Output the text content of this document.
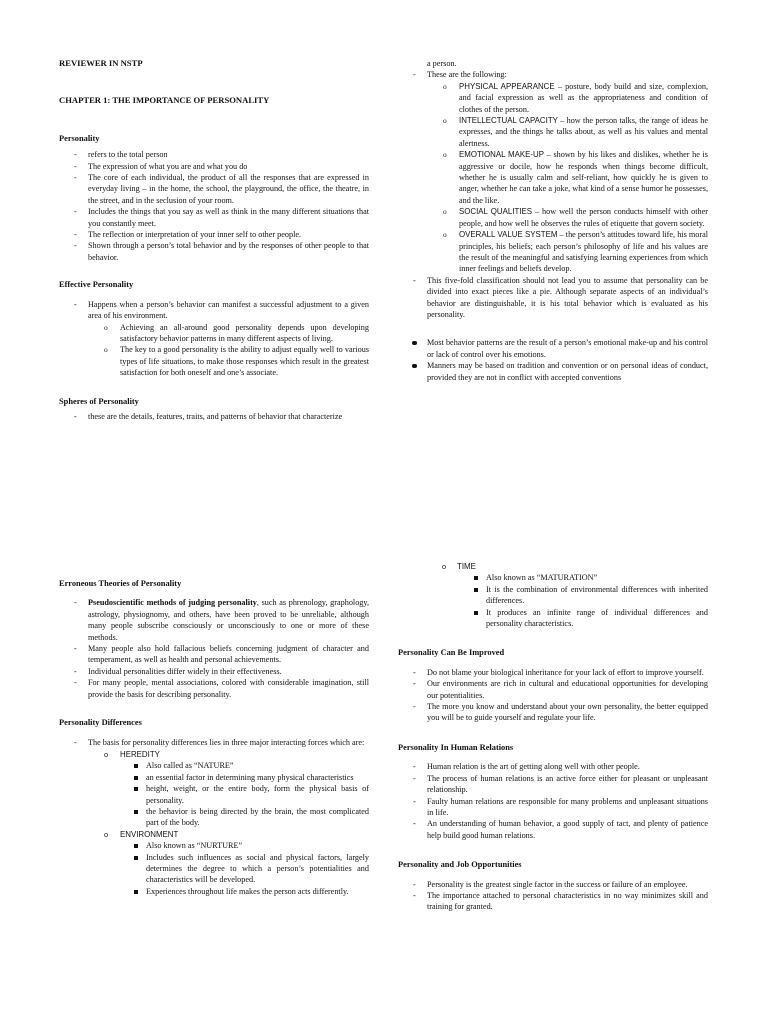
REVIEWER IN NSTP
CHAPTER 1: THE IMPORTANCE OF PERSONALITY
Personality
- refers to the total person
- The expression of what you are and what you do
- The core of each individual, the product of all the responses that are expressed in everyday living – in the home, the school, the playground, the office, the theatre, in the street, and in the seclusion of your room.
- Includes the things that you say as well as think in the many different situations that you constantly meet.
- The reflection or interpretation of your inner self to other people.
- Shown through a person’s total behavior and by the responses of other people to that behavior.
Effective Personality
- Happens when a person’s behavior can manifest a successful adjustment to a given area of his environment.
o Achieving an all-around good personality depends upon developing satisfactory behavior patterns in many different aspects of living.
o The key to a good personality is the ability to adjust equally well to various types of life situations, to make those responses which result in the greatest satisfaction for both oneself and one’s associate.
Spheres of Personality
- these are the details, features, traits, and patterns of behavior that characterize
a person.
- These are the following:
o PHYSICAL APPEARANCE – posture, body build and size, complexion, and facial expression as well as the appropriateness and condition of clothes of the person.
o INTELLECTUAL CAPACITY – how the person talks, the range of ideas he expresses, and the things he talks about, as well as his values and mental alertness.
o EMOTIONAL MAKE-UP – shown by his likes and dislikes, whether he is aggressive or docile, how he responds when things become difficult, whether he is usually calm and self-reliant, how quickly he is given to anger, whether he can take a joke, what kind of a sense humor he possesses, and the like.
o SOCIAL QUALITIES – how well the person conducts himself with other people, and how well he observes the rules of etiquette that govern society.
o OVERALL VALUE SYSTEM – the person’s attitudes toward life, his moral principles, his beliefs; each person’s philosophy of life and his values are the result of the meaningful and satisfying learning experiences from which inner feelings and beliefs develop.
- This five-fold classification should not lead you to assume that personality can be divided into exact pieces like a pie. Although separate aspects of an individual’s behavior are distinguishable, it is his total behavior which is evaluated as his personality.
Most behavior patterns are the result of a person’s emotional make-up and his control or lack of control over his emotions.
Manners may be based on tradition and convention or on personal ideas of conduct, provided they are not in conflict with accepted conventions
Erroneous Theories of Personality
- Pseudoscientific methods of judging personality, such as phrenology, graphology, astrology, physiognomy, and others, have been proved to be unreliable, although many people subscribe consciously or unconsciously to one or more of these methods.
- Many people also hold fallacious beliefs concerning judgment of character and temperament, as well as health and personal achievements.
- Individual personalities differ widely in their effectiveness.
- For many people, mental associations, colored with considerable imagination, still provide the basis for describing personality.
Personality Differences
- The basis for personality differences lies in three major interacting forces which are:
o HEREDITY
Also called as “NATURE”
an essential factor in determining many physical characteristics
height, weight, or the entire body, form the physical basis of personality.
the behavior is being directed by the brain, the most complicated part of the body.
o ENVIRONMENT
Also known as “NURTURE”
Includes such influences as social and physical factors, largely determines the degree to which a person’s potentialities and characteristics will be developed.
Experiences throughout life makes the person acts differently.
o TIME
Also known as “MATURATION”
It is the combination of environmental differences with inherited differences.
It produces an infinite range of individual differences and personality characteristics.
Personality Can Be Improved
- Do not blame your biological inheritance for your lack of effort to improve yourself.
- Our environments are rich in cultural and educational opportunities for developing our potentialities.
- The more you know and understand about your own personality, the better equipped you will be to guide yourself and regulate your life.
Personality In Human Relations
- Human relation is the art of getting along well with other people.
- The process of human relations is an active force either for pleasant or unpleasant relationship.
- Faulty human relations are responsible for many problems and unpleasant situations in life.
- An understanding of human behavior, a good supply of tact, and plenty of patience help build good human relations.
Personality and Job Opportunities
- Personality is the greatest single factor in the success or failure of an employee.
- The importance attached to personal characteristics in no way minimizes skill and training for granted.
